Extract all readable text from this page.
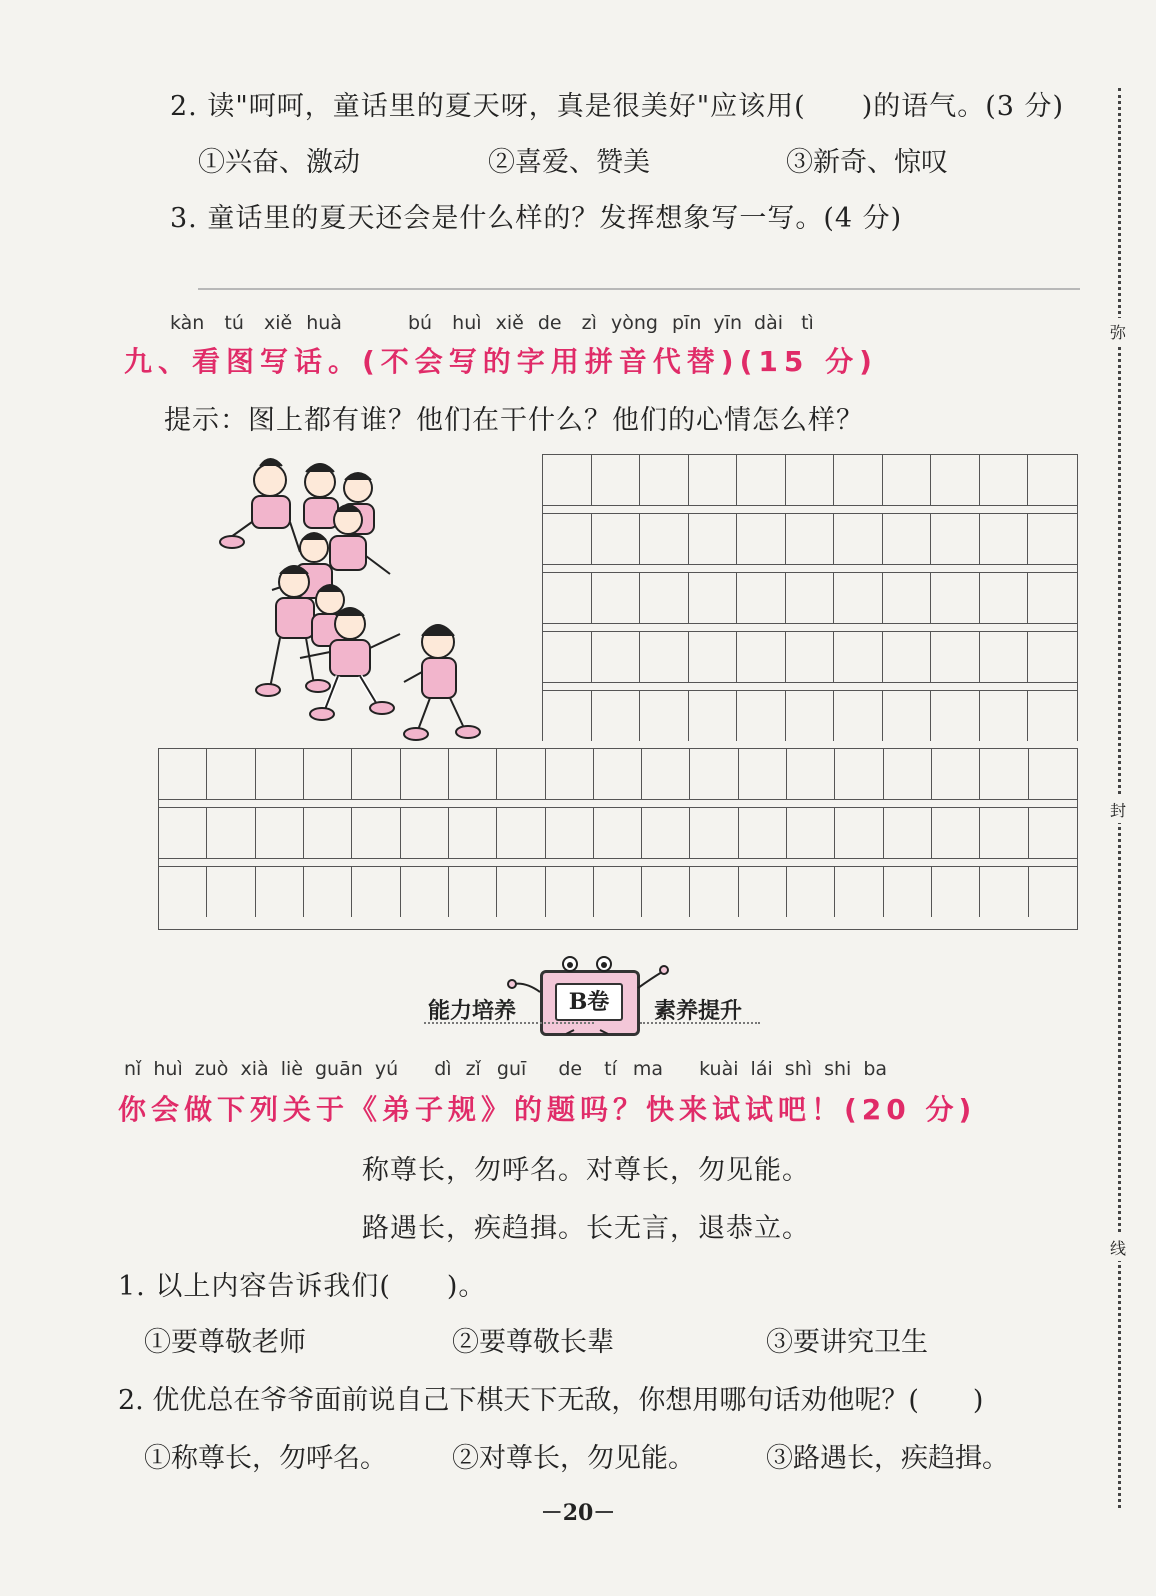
2. 读"呵呵，童话里的夏天呀，真是很美好"应该用(　　)的语气。(3 分)
①兴奋、激动	②喜爱、赞美	③新奇、惊叹
3. 童话里的夏天还会是什么样的？发挥想象写一写。(4 分)
弥
封
线
kàn tú xiě huà	bú huì xiě de zì yòng pīn yīn dài tì
九、看图写话。(不会写的字用拼音代替)(15 分)
提示：图上都有谁？他们在干什么？他们的心情怎么样？
能力培养	B卷	素养提升
nǐ huì zuò xià liè guān yú dì zǐ guī de tí ma kuài lái shì shi ba
你会做下列关于《弟子规》的题吗？快来试试吧！(20 分)
称尊长，勿呼名。对尊长，勿见能。
路遇长，疾趋揖。长无言，退恭立。
1. 以上内容告诉我们(　　)。
①要尊敬老师	②要尊敬长辈	③要讲究卫生
2. 优优总在爷爷面前说自己下棋天下无敌，你想用哪句话劝他呢？(　　)
①称尊长，勿呼名。 ②对尊长，勿见能。	③路遇长，疾趋揖。
－20－
